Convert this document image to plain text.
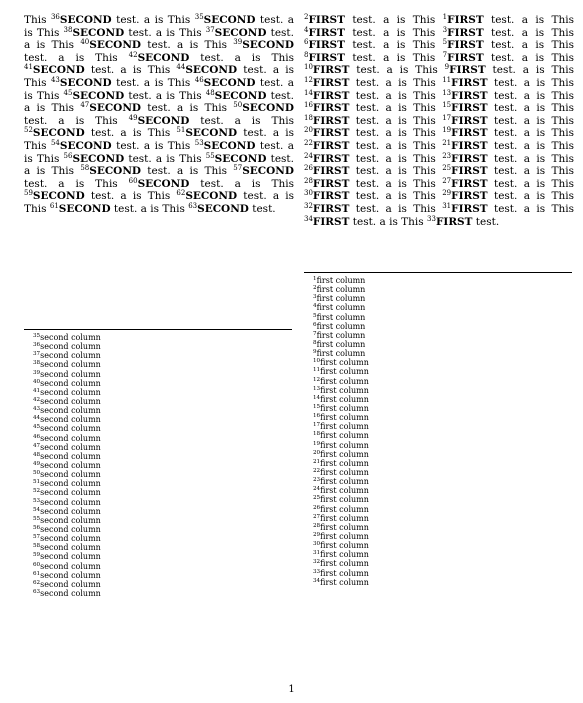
This $^{36}$SECOND test. a is This $^{35}$SECOND test. a is This $^{38}$SECOND test. a is This $^{37}$SECOND test. a is This $^{40}$SECOND test. a is This $^{39}$SECOND test. a is This $^{42}$SECOND test. a is This $^{41}$SECOND test. a is This $^{44}$SECOND test. a is This $^{43}$SECOND test. a is This $^{46}$SECOND test. a is This $^{45}$SECOND test. a is This $^{48}$SECOND test. a is This $^{47}$SECOND test. a is This $^{50}$SECOND test. a is This $^{49}$SECOND test. a is This $^{52}$SECOND test. a is This $^{51}$SECOND test. a is This $^{54}$SECOND test. a is This $^{53}$SECOND test. a is This $^{56}$SECOND test. a is This $^{55}$SECOND test. a is This $^{58}$SECOND test. a is This $^{57}$SECOND test. a is This $^{60}$SECOND test. a is This $^{59}$SECOND test. a is This $^{62}$SECOND test. a is This $^{61}$SECOND test. a is This $^{63}$SECOND test.
$^2$FIRST test. a is This $^1$FIRST test. a is This $^4$FIRST test. a is This $^3$FIRST test. a is This $^6$FIRST test. a is This $^5$FIRST test. a is This $^8$FIRST test. a is This $^7$FIRST test. a is This $^{10}$FIRST test. a is This $^9$FIRST test. a is This $^{12}$FIRST test. a is This $^{11}$FIRST test. a is This $^{14}$FIRST test. a is This $^{13}$FIRST test. a is This $^{16}$FIRST test. a is This $^{15}$FIRST test. a is This $^{18}$FIRST test. a is This $^{17}$FIRST test. a is This $^{20}$FIRST test. a is This $^{19}$FIRST test. a is This $^{22}$FIRST test. a is This $^{21}$FIRST test. a is This $^{24}$FIRST test. a is This $^{23}$FIRST test. a is This $^{26}$FIRST test. a is This $^{25}$FIRST test. a is This $^{28}$FIRST test. a is This $^{27}$FIRST test. a is This $^{30}$FIRST test. a is This $^{29}$FIRST test. a is This $^{32}$FIRST test. a is This $^{31}$FIRST test. a is This $^{34}$FIRST test. a is This $^{33}$FIRST test.
$^{35}$second column
$^{36}$second column
$^{37}$second column
$^{38}$second column
$^{39}$second column
$^{40}$second column
$^{41}$second column
$^{42}$second column
$^{43}$second column
$^{44}$second column
$^{45}$second column
$^{46}$second column
$^{47}$second column
$^{48}$second column
$^{49}$second column
$^{50}$second column
$^{51}$second column
$^{52}$second column
$^{53}$second column
$^{54}$second column
$^{55}$second column
$^{56}$second column
$^{57}$second column
$^{58}$second column
$^{59}$second column
$^{60}$second column
$^{61}$second column
$^{62}$second column
$^{63}$second column
$^1$first column
$^2$first column
$^3$first column
$^4$first column
$^5$first column
$^6$first column
$^7$first column
$^8$first column
$^9$first column
$^{10}$first column
$^{11}$first column
$^{12}$first column
$^{13}$first column
$^{14}$first column
$^{15}$first column
$^{16}$first column
$^{17}$first column
$^{18}$first column
$^{19}$first column
$^{20}$first column
$^{21}$first column
$^{22}$first column
$^{23}$first column
$^{24}$first column
$^{25}$first column
$^{26}$first column
$^{27}$first column
$^{28}$first column
$^{29}$first column
$^{30}$first column
$^{31}$first column
$^{32}$first column
$^{33}$first column
$^{34}$first column
1
